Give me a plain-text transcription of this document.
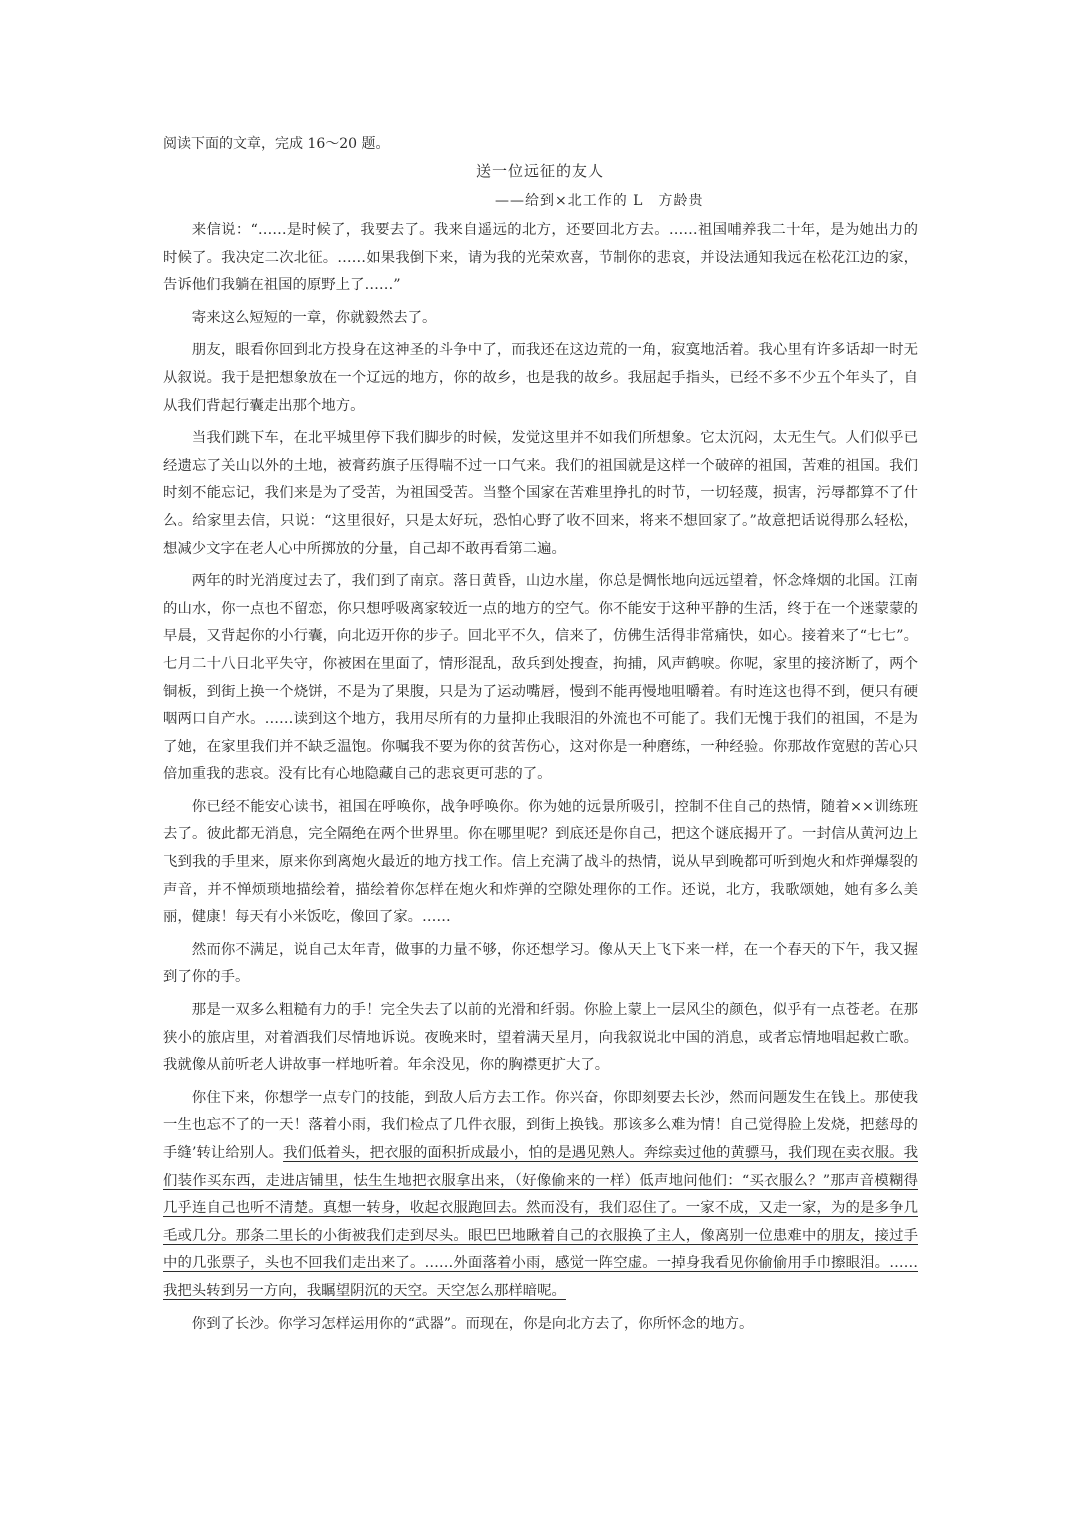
阅读下面的文章，完成 16～20 题。
送一位远征的友人
——给到×北工作的 L　方龄贵

来信说：“……是时候了，我要去了。我来自遥远的北方，还要回北方去。……祖国哺养我二十年，是为她出力的时候了。我决定二次北征。……如果我倒下来，请为我的光荣欢喜，节制你的悲哀，并设法通知我远在松花江边的家，告诉他们我躺在祖国的原野上了……”

寄来这么短短的一章，你就毅然去了。

朋友，眼看你回到北方投身在这神圣的斗争中了，而我还在这边荒的一角，寂寞地活着。我心里有许多话却一时无从叙说。我于是把想象放在一个辽远的地方，你的故乡，也是我的故乡。我屈起手指头，已经不多不少五个年头了，自从我们背起行囊走出那个地方。

当我们跳下车，在北平城里停下我们脚步的时候，发觉这里并不如我们所想象。它太沉闷，太无生气。人们似乎已经遗忘了关山以外的土地，被膏药旗子压得喘不过一口气来。我们的祖国就是这样一个破碎的祖国，苦难的祖国。我们时刻不能忘记，我们来是为了受苦，为祖国受苦。当整个国家在苦难里挣扎的时节，一切轻蔑，损害，污辱都算不了什么。给家里去信，只说：“这里很好，只是太好玩，恐怕心野了收不回来，将来不想回家了。”故意把话说得那么轻松，想减少文字在老人心中所掷放的分量，自己却不敢再看第二遍。

两年的时光消度过去了，我们到了南京。落日黄昏，山边水崖，你总是惆怅地向远远望着，怀念烽烟的北国。江南的山水，你一点也不留恋，你只想呼吸离家较近一点的地方的空气。你不能安于这种平静的生活，终于在一个迷蒙蒙的早晨，又背起你的小行囊，向北迈开你的步子。回北平不久，信来了，仿佛生活得非常痛快，如心。接着来了“七七”。七月二十八日北平失守，你被困在里面了，情形混乱，敌兵到处搜查，拘捕，风声鹤唳。你呢，家里的接济断了，两个铜板，到街上换一个烧饼，不是为了果腹，只是为了运动嘴唇，慢到不能再慢地咀嚼着。有时连这也得不到，便只有硬咽两口自产水。……读到这个地方，我用尽所有的力量抑止我眼泪的外流也不可能了。我们无愧于我们的祖国，不是为了她，在家里我们并不缺乏温饱。你嘱我不要为你的贫苦伤心，这对你是一种磨练，一种经验。你那故作宽慰的苦心只倍加重我的悲哀。没有比有心地隐藏自己的悲哀更可悲的了。

你已经不能安心读书，祖国在呼唤你，战争呼唤你。你为她的远景所吸引，控制不住自己的热情，随着××训练班去了。彼此都无消息，完全隔绝在两个世界里。你在哪里呢？到底还是你自己，把这个谜底揭开了。一封信从黄河边上飞到我的手里来，原来你到离炮火最近的地方找工作。信上充满了战斗的热情，说从早到晚都可听到炮火和炸弹爆裂的声音，并不惮烦琐地描绘着，描绘着你怎样在炮火和炸弹的空隙处理你的工作。还说，北方，我歌颂她，她有多么美丽，健康！每天有小米饭吃，像回了家。……

然而你不满足，说自己太年青，做事的力量不够，你还想学习。像从天上飞下来一样，在一个春天的下午，我又握到了你的手。

那是一双多么粗糙有力的手！完全失去了以前的光滑和纤弱。你脸上蒙上一层风尘的颜色，似乎有一点苍老。在那狭小的旅店里，对着酒我们尽情地诉说。夜晚来时，望着满天星月，向我叙说北中国的消息，或者忘情地唱起救亡歌。我就像从前听老人讲故事一样地听着。年余没见，你的胸襟更扩大了。

你住下来，你想学一点专门的技能，到敌人后方去工作。你兴奋，你即刻要去长沙，然而问题发生在钱上。那使我一生也忘不了的一天！落着小雨，我们检点了几件衣服，到街上换钱。那该多么难为情！自己觉得脸上发烧，把慈母的手缝’转让给别人。我们低着头，把衣服的面积折成最小，怕的是遇见熟人。奔综卖过他的黄骠马，我们现在卖衣服。我们装作买东西，走进店铺里，怯生生地把衣服拿出来，（好像偷来的一样）低声地问他们：“买衣服么？”那声音模糊得几乎连自己也听不清楚。真想一转身，收起衣服跑回去。然而没有，我们忍住了。一家不成，又走一家，为的是多争几毛或几分。那条二里长的小街被我们走到尽头。眼巴巴地瞅着自己的衣服换了主人，像离别一位患难中的朋友，接过手中的几张票子，头也不回我们走出来了。……外面落着小雨，感觉一阵空虚。一掉身我看见你偷偷用手巾擦眼泪。……我把头转到另一方向，我瞩望阴沉的天空。天空怎么那样暗呢。

你到了长沙。你学习怎样运用你的“武器”。而现在，你是向北方去了，你所怀念的地方。
